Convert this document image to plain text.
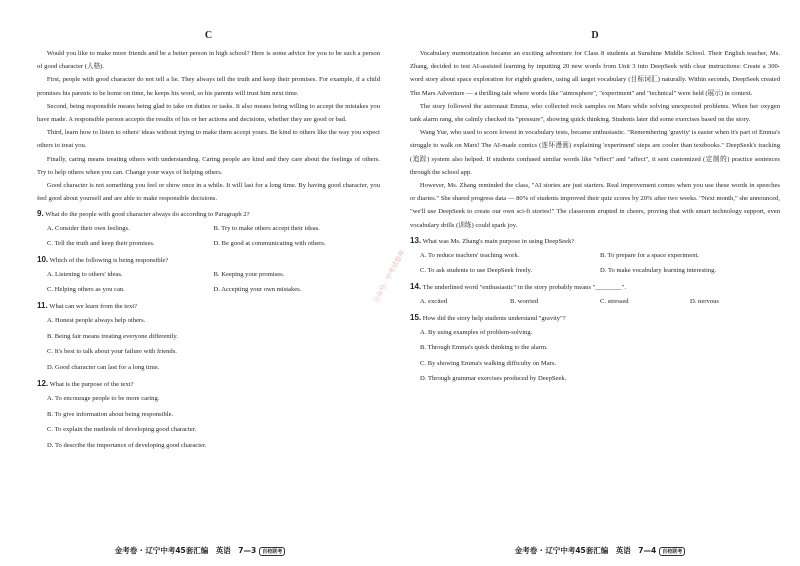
C

Would you like to make more friends and be a better person in high school? Here is some advice for you to be such a person of good character (人格).

First, people with good character do not tell a lie. They always tell the truth and keep their promises. For example, if a child promises his parents to be home on time, he keeps his word, so his parents will trust him next time.

Second, being responsible means being glad to take on duties or tasks. It also means being willing to accept the mistakes you have made. A responsible person accepts the results of his or her actions and decisions, whether they are good or bad.

Third, learn how to listen to others' ideas without trying to make them accept yours. Be kind to others like the way you expect others to treat you.

Finally, caring means treating others with understanding. Caring people are kind and they care about the feelings of others. Try to help others when you can. Change your ways of helping others.

Good character is not something you feel or show once in a while. It will last for a long time. By having good character, you feel good about yourself and are able to make responsible decisions.

9. What do the people with good character always do according to Paragraph 2?
A. Consider their own feelings.	B. Try to make others accept their ideas.
C. Tell the truth and keep their promises.	D. Be good at communicating with others.
10. Which of the following is being responsible?
A. Listening to others' ideas.	B. Keeping your promises.
C. Helping others as you can.	D. Accepting your own mistakes.
11. What can we learn from the text?
A. Honest people always help others.
B. Being fair means treating everyone differently.
C. It's best to talk about your failure with friends.
D. Good character can last for a long time.
12. What is the purpose of the text?
A. To encourage people to be more caring.
B. To give information about being responsible.
C. To explain the methods of developing good character.
D. To describe the importance of developing good character.
金考卷 · 辽宁中考45套汇编　英语　7—3 百校联考
D

Vocabulary memorization became an exciting adventure for Class 8 students at Sunshine Middle School. Their English teacher, Ms. Zhang, decided to test AI-assisted learning by inputting 20 new words from Unit 3 into DeepSeek with clear instructions: Create a 300-word story about space exploration for eighth graders, using all target vocabulary (目标词汇) naturally. Within seconds, DeepSeek created The Mars Adventure — a thrilling tale where words like "atmosphere", "experiment" and "technical" were held (展示) in context.

The story followed the astronaut Emma, who collected rock samples on Mars while solving unexpected problems. When her oxygen tank alarm rang, she calmly checked its "pressure", showing quick thinking. Students later did some exercises based on the story.

Wang Yue, who used to score lowest in vocabulary tests, became enthusiastic. "Remembering 'gravity' is easier when it's part of Emma's struggle to walk on Mars! The AI-made comics (连环漫画) explaining 'experiment' steps are cooler than textbooks." DeepSeek's tracking (追踪) system also helped. If students confused similar words like "effect" and "affect", it sent customized (定制的) practice sentences through the school app.

However, Ms. Zhang reminded the class, "AI stories are just starters. Real improvement comes when you use these words in speeches or diaries." She shared progress data — 80% of students improved their quiz scores by 20% after two weeks. "Next month," she announced, "we'll use DeepSeek to create our own sci-fi stories!" The classroom erupted in cheers, proving that with smart technology support, even vocabulary drills (训练) could spark joy.

13. What was Ms. Zhang's main purpose in using DeepSeek?
A. To reduce teachers' teaching work.	B. To prepare for a space experiment.
C. To ask students to use DeepSeek freely.	D. To make vocabulary learning interesting.
14. The underlined word "enthusiastic" in the story probably means "________".
A. excited	B. worried	C. stressed	D. nervous
15. How did the story help students understand "gravity"?
A. By using examples of problem-solving.
B. Through Emma's quick thinking to the alarm.
C. By showing Emma's walking difficulty on Mars.
D. Through grammar exercises produced by DeepSeek.
金考卷 · 辽宁中考45套汇编　英语　7—4 百校联考
公众号：中考试卷库
